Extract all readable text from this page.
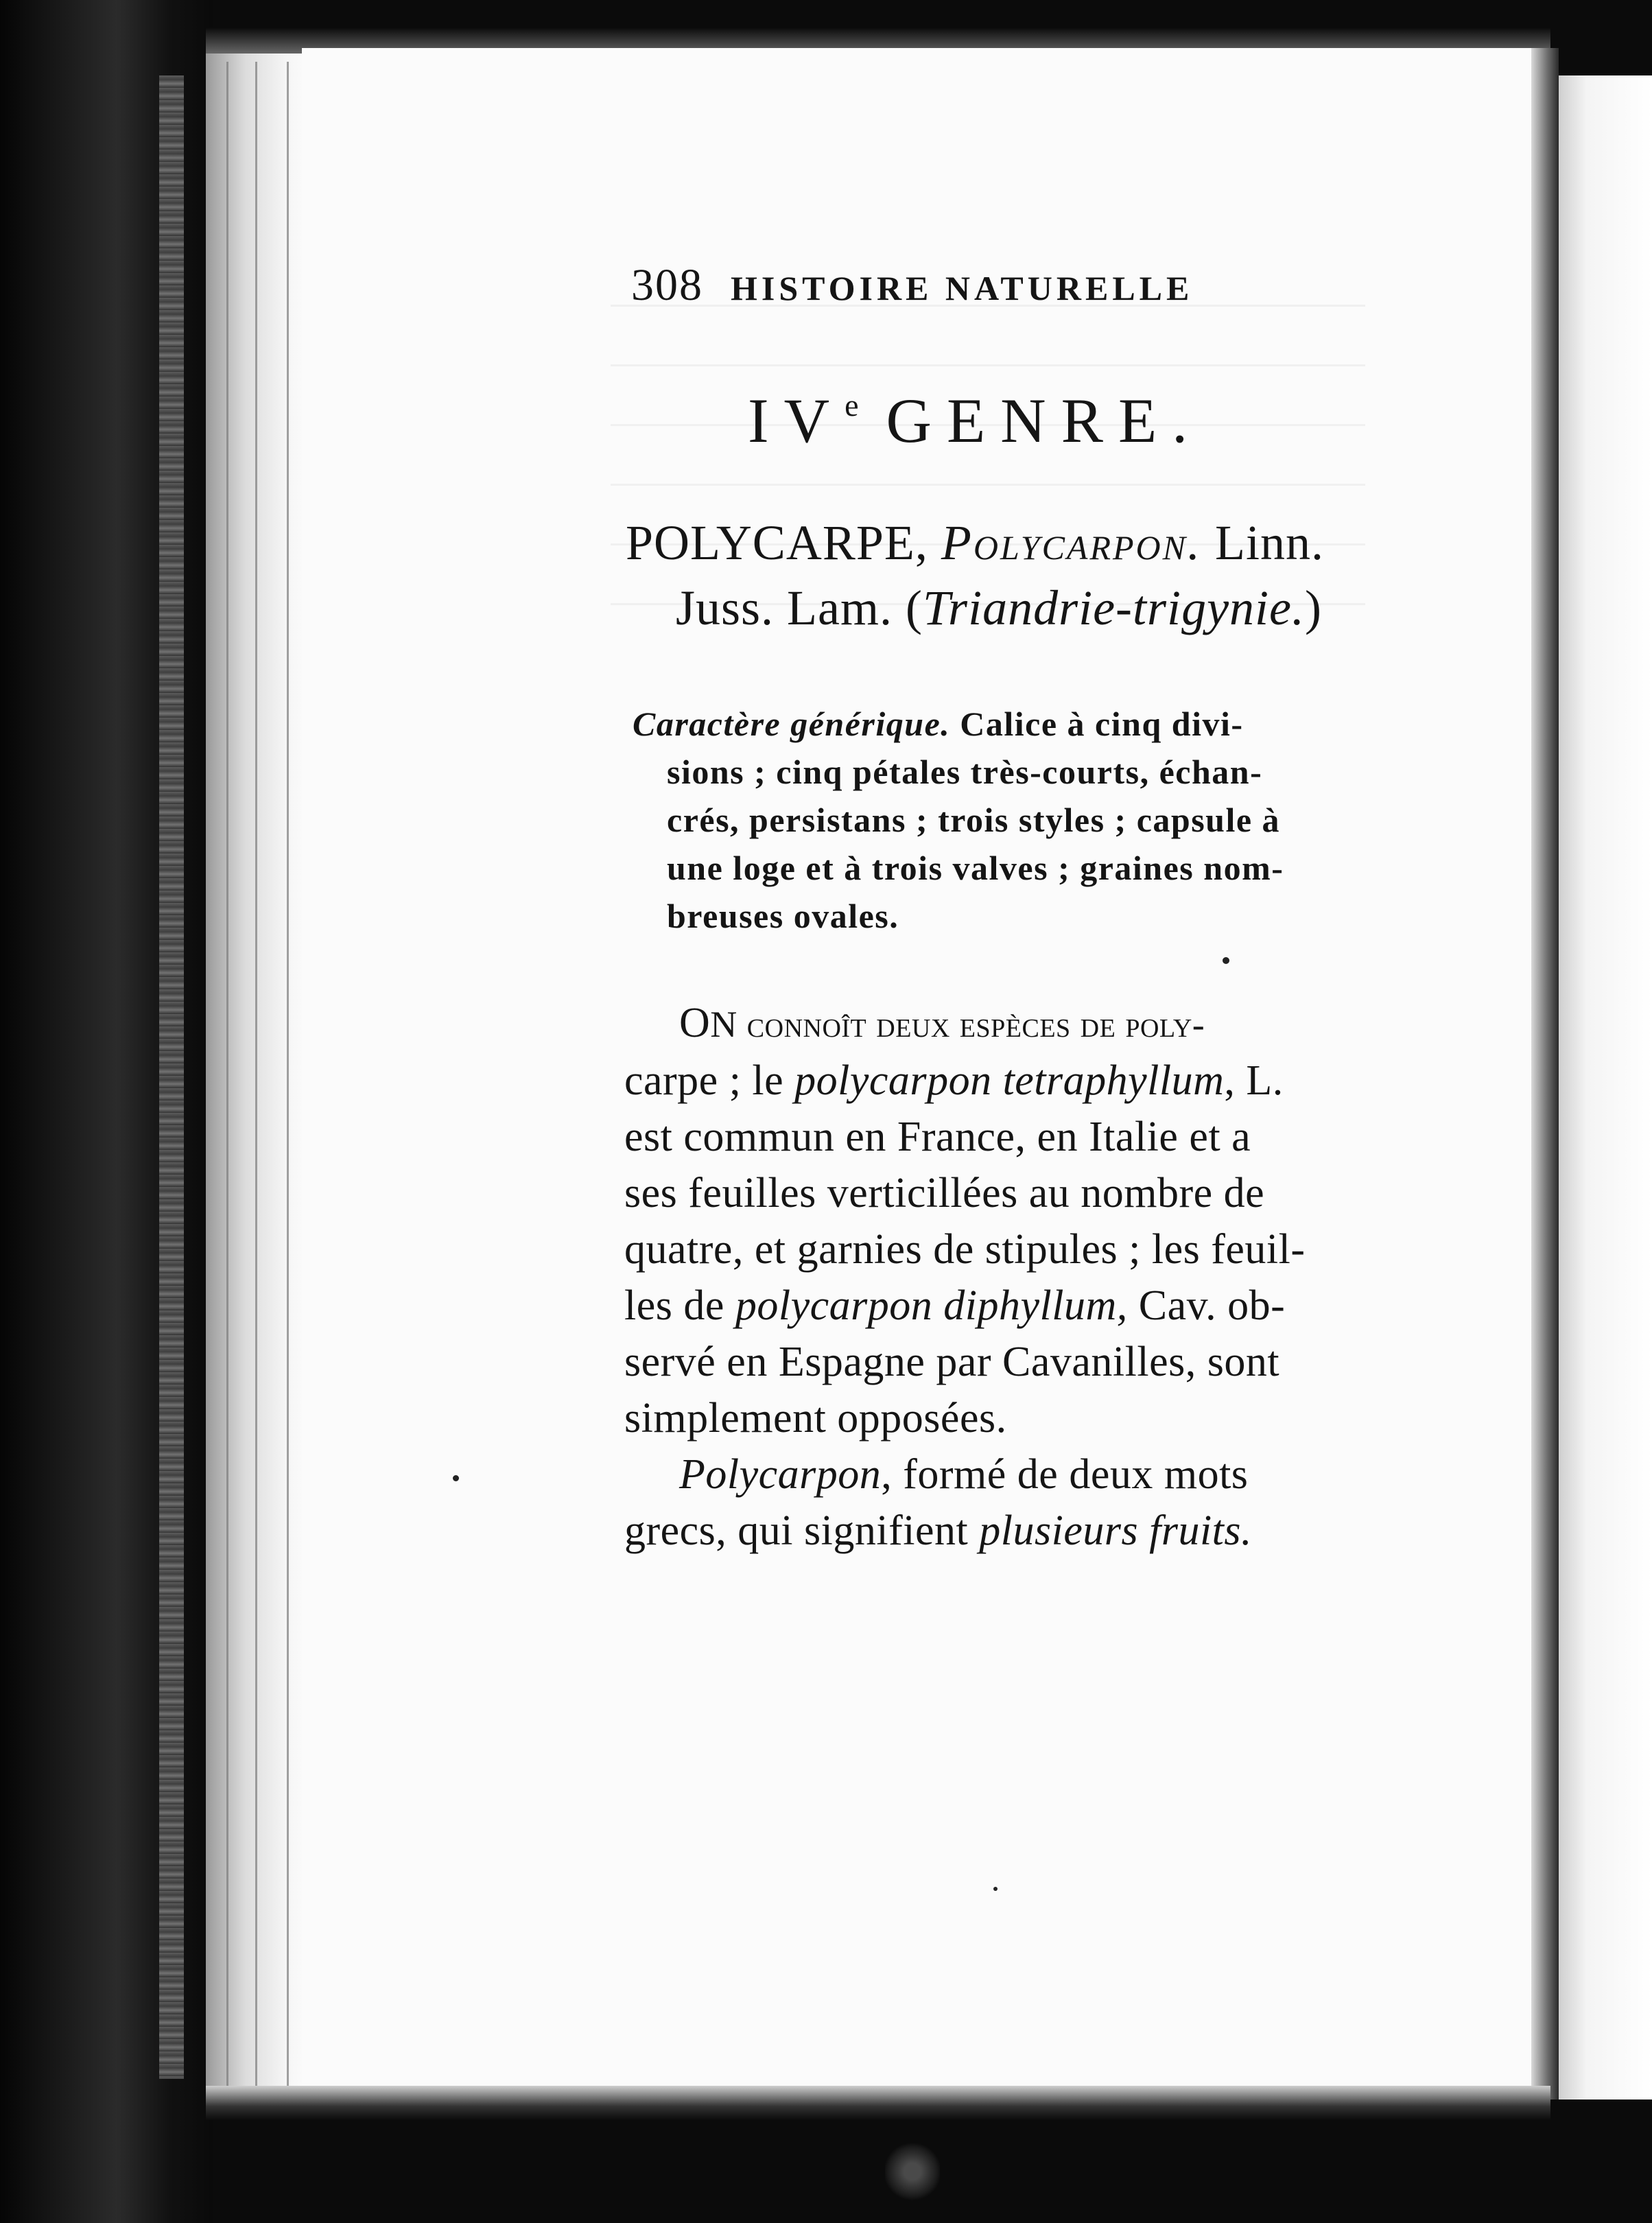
308 HISTOIRE NATURELLE
IVe GENRE.
POLYCARPE, Polycarpon. Linn.
Juss. Lam. (Triandrie-trigynie.)
Caractère générique. Calice à cinq divi-
sions ; cinq pétales très-courts, échan-
crés, persistans ; trois styles ; capsule à
une loge et à trois valves ; graines nom-
breuses ovales.
ON connoît deux espèces de poly-
carpe ; le polycarpon tetraphyllum, L.
est commun en France, en Italie et a
ses feuilles verticillées au nombre de
quatre, et garnies de stipules ; les feuil-
les de polycarpon diphyllum, Cav. ob-
servé en Espagne par Cavanilles, sont
simplement opposées.
Polycarpon, formé de deux mots
grecs, qui signifient plusieurs fruits.
